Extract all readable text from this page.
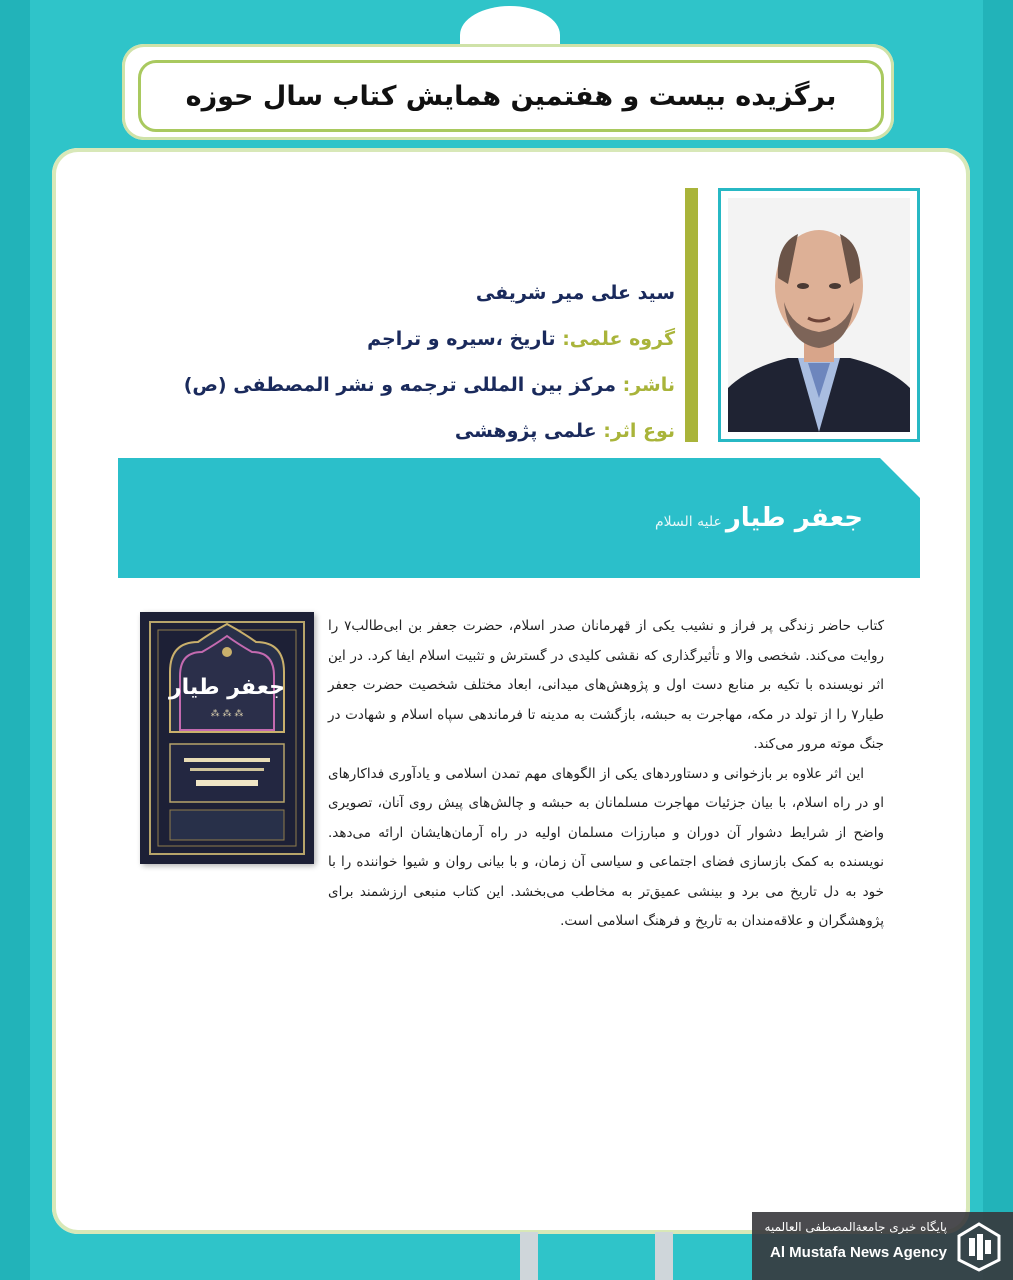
برگزیده بیست و هفتمین همایش کتاب سال حوزه
سید علی میر شریفی
گروه علمی: تاریخ ،سیره و تراجم
ناشر: مرکز بین المللی ترجمه و نشر المصطفی (ص)
نوع اثر: علمی پژوهشی
جعفر طیارعلیه السلام
جعفر طیار
⁂ ⁂ ⁂

کتاب حاضر زندگی پر فراز و نشیب یکی از قهرمانان صدر اسلام، حضرت جعفر بن ابی‌طالب۷ را روایت می‌کند. شخصی والا و تأثیرگذاری که نقشی کلیدی در گسترش و تثبیت اسلام ایفا کرد. در این اثر نویسنده با تکیه بر منابع دست اول و پژوهش‌های میدانی، ابعاد مختلف شخصیت حضرت جعفر طیار۷ را از تولد در مکه، مهاجرت به حبشه، بازگشت به مدینه تا فرماندهی سپاه اسلام و شهادت در جنگ موته مرور می‌کند.

این اثر علاوه بر بازخوانی و دستاوردهای یکی از الگوهای مهم تمدن اسلامی و یادآوری فداکارهای او در راه اسلام، با بیان جزئیات مهاجرت مسلمانان به حبشه و چالش‌های پیش روی آنان، تصویری واضح از شرایط دشوار آن دوران و مبارزات مسلمان اولیه در راه آرمان‌هایشان ارائه می‌دهد. نویسنده به کمک بازسازی فضای اجتماعی و سیاسی آن زمان، و با بیانی روان و شیوا خواننده را با خود به دل تاریخ می برد و بینشی عمیق‌تر به مخاطب می‌بخشد. این کتاب منبعی ارزشمند برای پژوهشگران و علاقه‌مندان به تاریخ و فرهنگ اسلامی است.

پایگاه خبری جامعةالمصطفی العالمیه
Al Mustafa News Agency
